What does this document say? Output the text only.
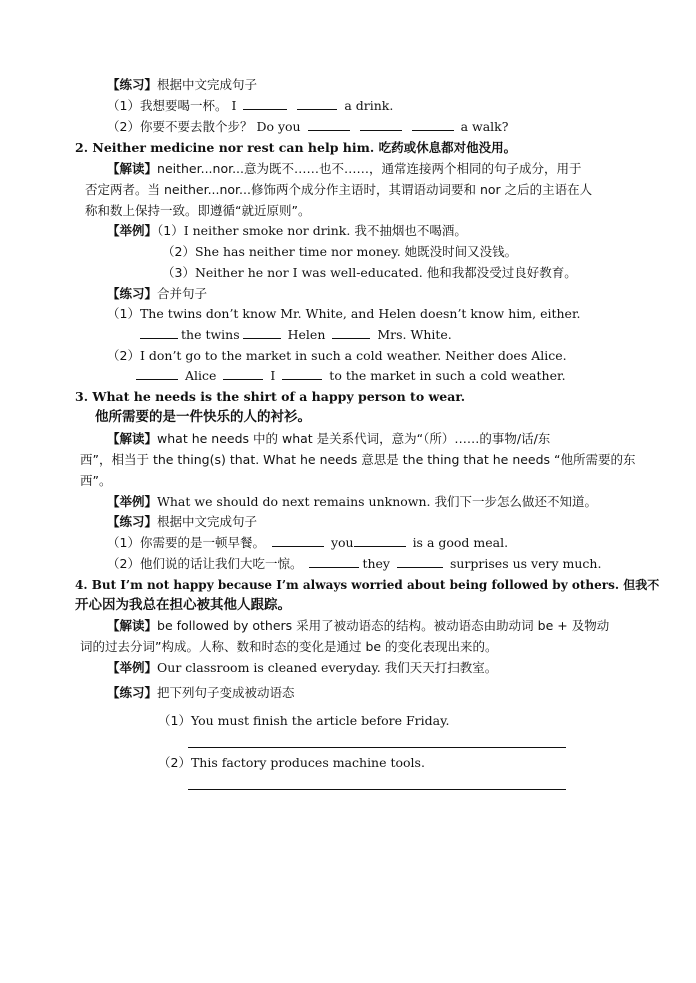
【练习】根据中文完成句子
（1）我想要喝一杯。 I	a drink.
（2）你要不要去散个步？ Do you	a walk?
2. Neither medicine nor rest can help him. 吃药或休息都对他没用。
【解读】neither...nor...意为既不……也不……，通常连接两个相同的句子成分，用于
否定两者。当 neither...nor...修饰两个成分作主语时，其谓语动词要和 nor 之后的主语在人
称和数上保持一致。即遵循“就近原则”。
【举例】（1）I neither smoke nor drink. 我不抽烟也不喝酒。
（2）She has neither time nor money. 她既没时间又没钱。
（3）Neither he nor I was well-educated. 他和我都没受过良好教育。
【练习】合并句子
（1）The twins don’t know Mr. White, and Helen doesn’t know him, either.
the twins	Helen	Mrs. White.
（2）I don’t go to the market in such a cold weather. Neither does Alice.
Alice	I	to the market in such a cold weather.
3. What he needs is the shirt of a happy person to wear.
他所需要的是一件快乐的人的衬衫。
【解读】what he needs 中的 what 是关系代词，意为“（所）……的事物/话/东
西”，相当于 the thing(s) that. What he needs 意思是 the thing that he needs “他所需要的东
西”。
【举例】What we should do next remains unknown. 我们下一步怎么做还不知道。
【练习】根据中文完成句子
（1）你需要的是一顿早餐。	you	is a good meal.
（2）他们说的话让我们大吃一惊。	they	surprises us very much.
4. But I’m not happy because I’m always worried about being followed by others. 但我不
开心因为我总在担心被其他人跟踪。
【解读】be followed by others 采用了被动语态的结构。被动语态由助动词 be + 及物动
词的过去分词”构成。人称、数和时态的变化是通过 be 的变化表现出来的。
【举例】Our classroom is cleaned everyday. 我们天天打扫教室。
【练习】把下列句子变成被动语态
（1）You must finish the article before Friday.
（2）This factory produces machine tools.
